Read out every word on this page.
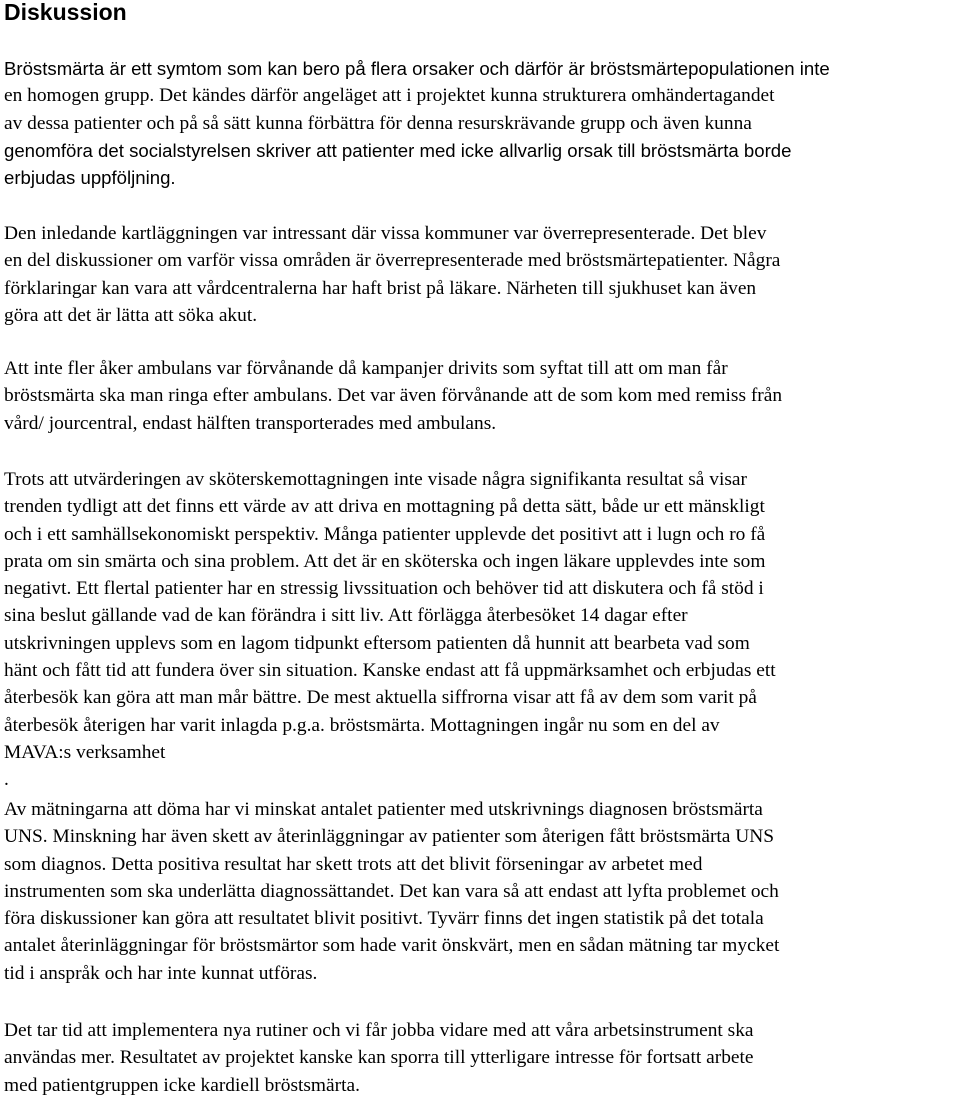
Diskussion
Bröstsmärta är ett symtom som kan bero på flera orsaker och därför är bröstsmärtepopulationen inte
en homogen grupp. Det kändes därför angeläget att i projektet kunna strukturera omhändertagandet
av dessa patienter och på så sätt kunna förbättra för denna resurskrävande grupp och även kunna
genomföra det socialstyrelsen skriver att patienter med icke allvarlig orsak till bröstsmärta borde
erbjudas uppföljning.
Den inledande kartläggningen var intressant där vissa kommuner var överrepresenterade. Det blev
en del diskussioner om varför vissa områden är överrepresenterade med bröstsmärtepatienter. Några
förklaringar kan vara att vårdcentralerna har haft brist på läkare. Närheten till sjukhuset kan även
göra att det är lätta att söka akut.
Att inte fler åker ambulans var förvånande då kampanjer drivits som syftat till att om man får
bröstsmärta ska man ringa efter ambulans. Det var även förvånande att de som kom med remiss från
vård/ jourcentral, endast hälften transporterades med ambulans.
Trots att utvärderingen av sköterskemottagningen inte visade några signifikanta resultat så visar
trenden tydligt att det finns ett värde av att driva en mottagning på detta sätt, både ur ett mänskligt
och i ett samhällsekonomiskt perspektiv. Många patienter upplevde det positivt att i lugn och ro få
prata om sin smärta och sina problem. Att det är en sköterska och ingen läkare upplevdes inte som
negativt. Ett flertal patienter har en stressig livssituation och behöver tid att diskutera och få stöd i
sina beslut gällande vad de kan förändra i sitt liv. Att förlägga återbesöket 14 dagar efter
utskrivningen upplevs som en lagom tidpunkt eftersom patienten då hunnit att bearbeta vad som
hänt och fått tid att fundera över sin situation. Kanske endast att få uppmärksamhet och erbjudas ett
återbesök kan göra att man mår bättre. De mest aktuella siffrorna visar att få av dem som varit på
återbesök återigen har varit inlagda p.g.a. bröstsmärta. Mottagningen ingår nu som en del av
MAVA:s verksamhet
.
Av mätningarna att döma har vi minskat antalet patienter med utskrivnings diagnosen bröstsmärta
UNS. Minskning har även skett av återinläggningar av patienter som återigen fått bröstsmärta UNS
som diagnos. Detta positiva resultat har skett trots att det blivit förseningar av arbetet med
instrumenten som ska underlätta diagnossättandet. Det kan vara så att endast att lyfta problemet och
föra diskussioner kan göra att resultatet blivit positivt. Tyvärr finns det ingen statistik på det totala
antalet återinläggningar för bröstsmärtor som hade varit önskvärt, men en sådan mätning tar mycket
tid i anspråk och har inte kunnat utföras.
Det tar tid att implementera nya rutiner och vi får jobba vidare med att våra arbetsinstrument ska
användas mer. Resultatet av projektet kanske kan sporra till ytterligare intresse för fortsatt arbete
med patientgruppen icke kardiell bröstsmärta.
